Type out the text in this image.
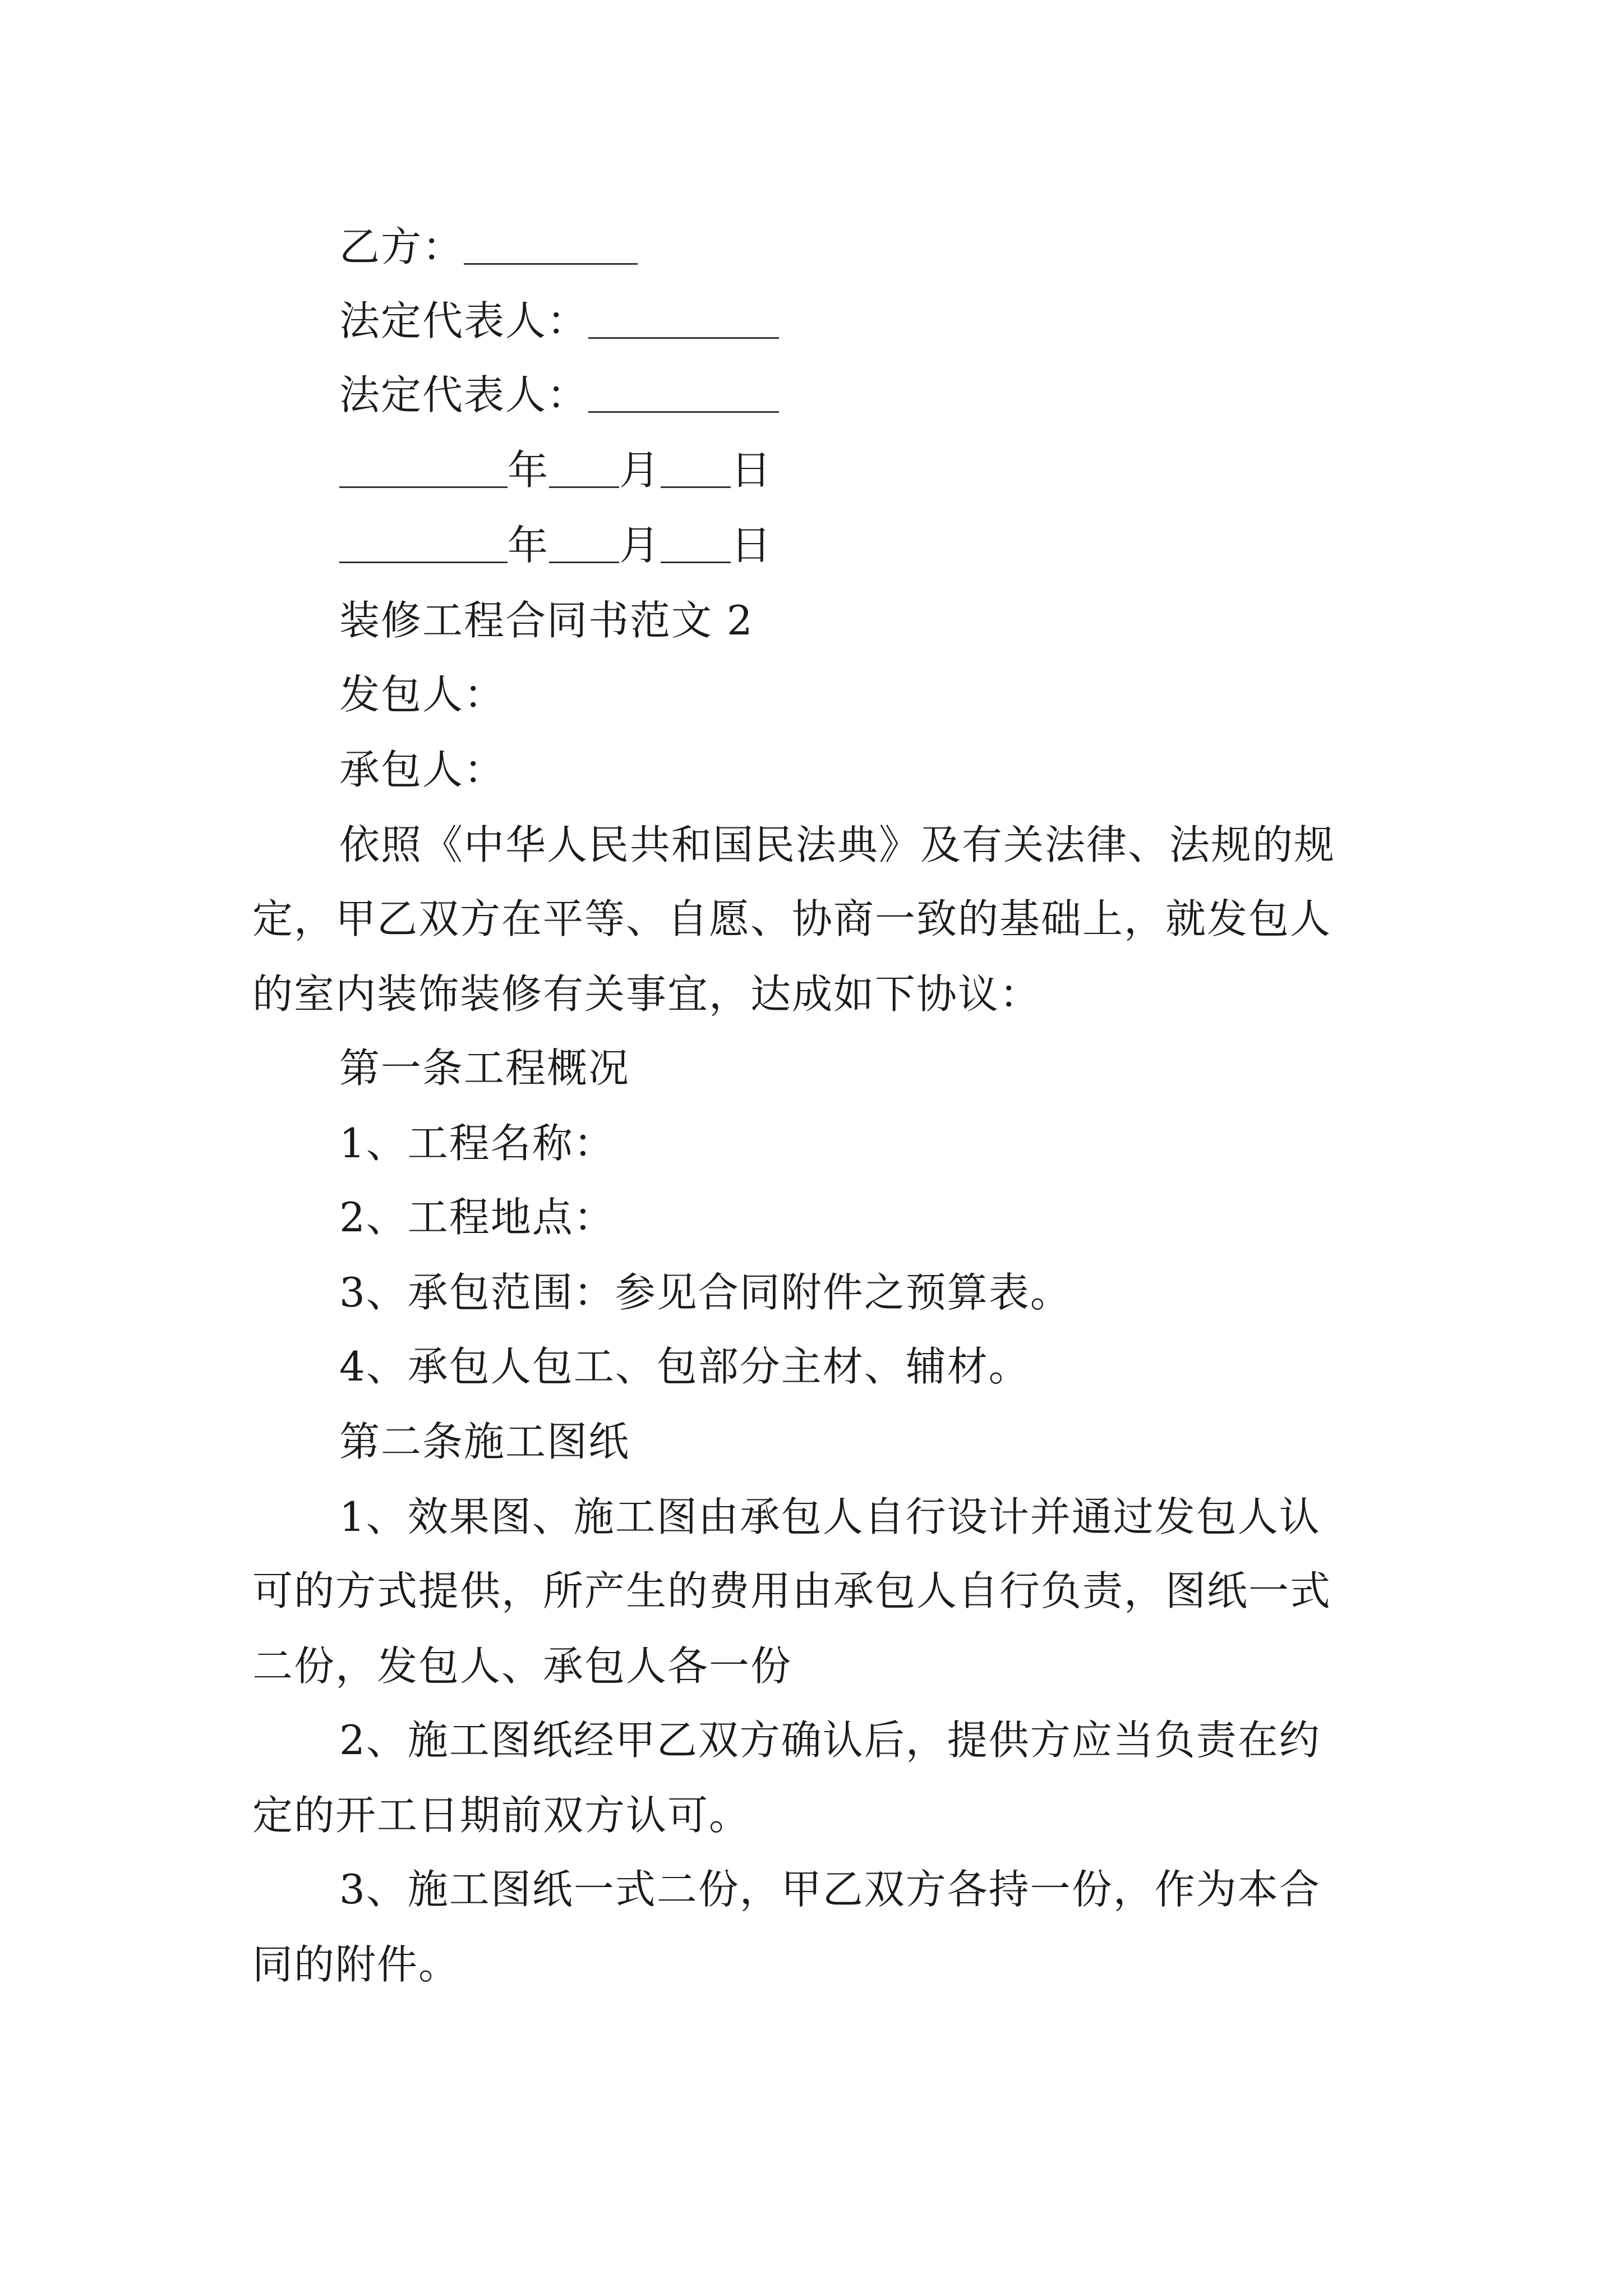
乙方：
法定代表人：
法定代表人：
年 月 日
年 月 日
装修工程合同书范文 2
发包人：
承包人：
依照《中华人民共和国民法典》及有关法律、法规的规
定，甲乙双方在平等、自愿、协商一致的基础上，就发包人
的室内装饰装修有关事宜，达成如下协议：
第一条工程概况
1、工程名称：
2、工程地点：
3、承包范围：参见合同附件之预算表。
4、承包人包工、包部分主材、辅材。
第二条施工图纸
1、效果图、施工图由承包人自行设计并通过发包人认
可的方式提供，所产生的费用由承包人自行负责，图纸一式
二份，发包人、承包人各一份
2、施工图纸经甲乙双方确认后，提供方应当负责在约
定的开工日期前双方认可。
3、施工图纸一式二份，甲乙双方各持一份，作为本合
同的附件。
